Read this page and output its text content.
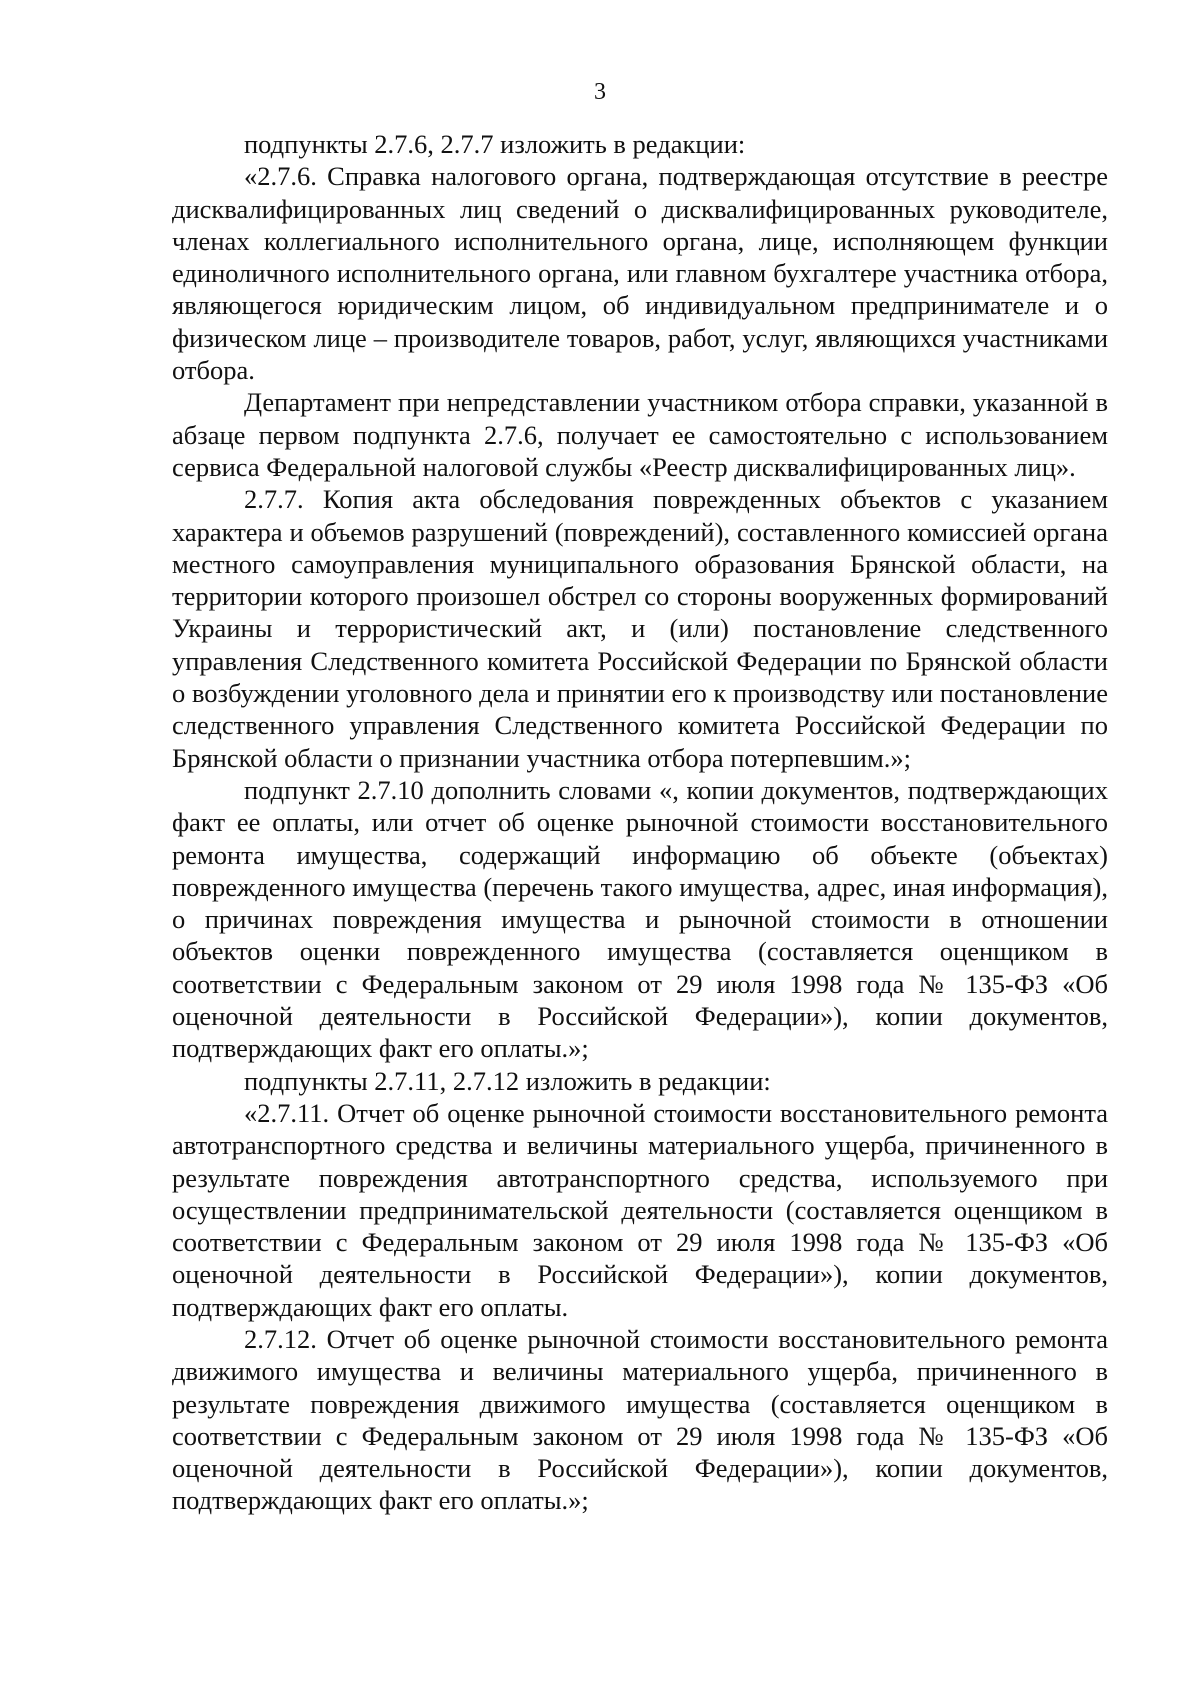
3

подпункты 2.7.6, 2.7.7 изложить в редакции:

«2.7.6. Справка налогового органа, подтверждающая отсутствие в реестре дисквалифицированных лиц сведений о дисквалифицированных руководителе, членах коллегиального исполнительного органа, лице, исполняющем функции единоличного исполнительного органа, или главном бухгалтере участника отбора, являющегося юридическим лицом, об индивидуальном предпринимателе и о физическом лице – производителе товаров, работ, услуг, являющихся участниками отбора.

Департамент при непредставлении участником отбора справки, указанной в абзаце первом подпункта 2.7.6, получает ее самостоятельно с использованием сервиса Федеральной налоговой службы «Реестр дисквалифицированных лиц».

2.7.7. Копия акта обследования поврежденных объектов с указанием характера и объемов разрушений (повреждений), составленного комиссией органа местного самоуправления муниципального образования Брянской области, на территории которого произошел обстрел со стороны вооруженных формирований Украины и террористический акт, и (или) постановление следственного управления Следственного комитета Российской Федерации по Брянской области о возбуждении уголовного дела и принятии его к производству или постановление следственного управления Следственного комитета Российской Федерации по Брянской области о признании участника отбора потерпевшим.»;

подпункт 2.7.10 дополнить словами «, копии документов, подтверждающих факт ее оплаты, или отчет об оценке рыночной стоимости восстановительного ремонта имущества, содержащий информацию об объекте (объектах) поврежденного имущества (перечень такого имущества, адрес, иная информация), о причинах повреждения имущества и рыночной стоимости в отношении объектов оценки поврежденного имущества (составляется оценщиком в соответствии с Федеральным законом от 29 июля 1998 года № 135-ФЗ «Об оценочной деятельности в Российской Федерации»), копии документов, подтверждающих факт его оплаты.»;

подпункты 2.7.11, 2.7.12 изложить в редакции:

«2.7.11. Отчет об оценке рыночной стоимости восстановительного ремонта автотранспортного средства и величины материального ущерба, причиненного в результате повреждения автотранспортного средства, используемого при осуществлении предпринимательской деятельности (составляется оценщиком в соответствии с Федеральным законом от 29 июля 1998 года № 135-ФЗ «Об оценочной деятельности в Российской Федерации»), копии документов, подтверждающих факт его оплаты.

2.7.12. Отчет об оценке рыночной стоимости восстановительного ремонта движимого имущества и величины материального ущерба, причиненного в результате повреждения движимого имущества (составляется оценщиком в соответствии с Федеральным законом от 29 июля 1998 года № 135-ФЗ «Об оценочной деятельности в Российской Федерации»), копии документов, подтверждающих факт его оплаты.»;
